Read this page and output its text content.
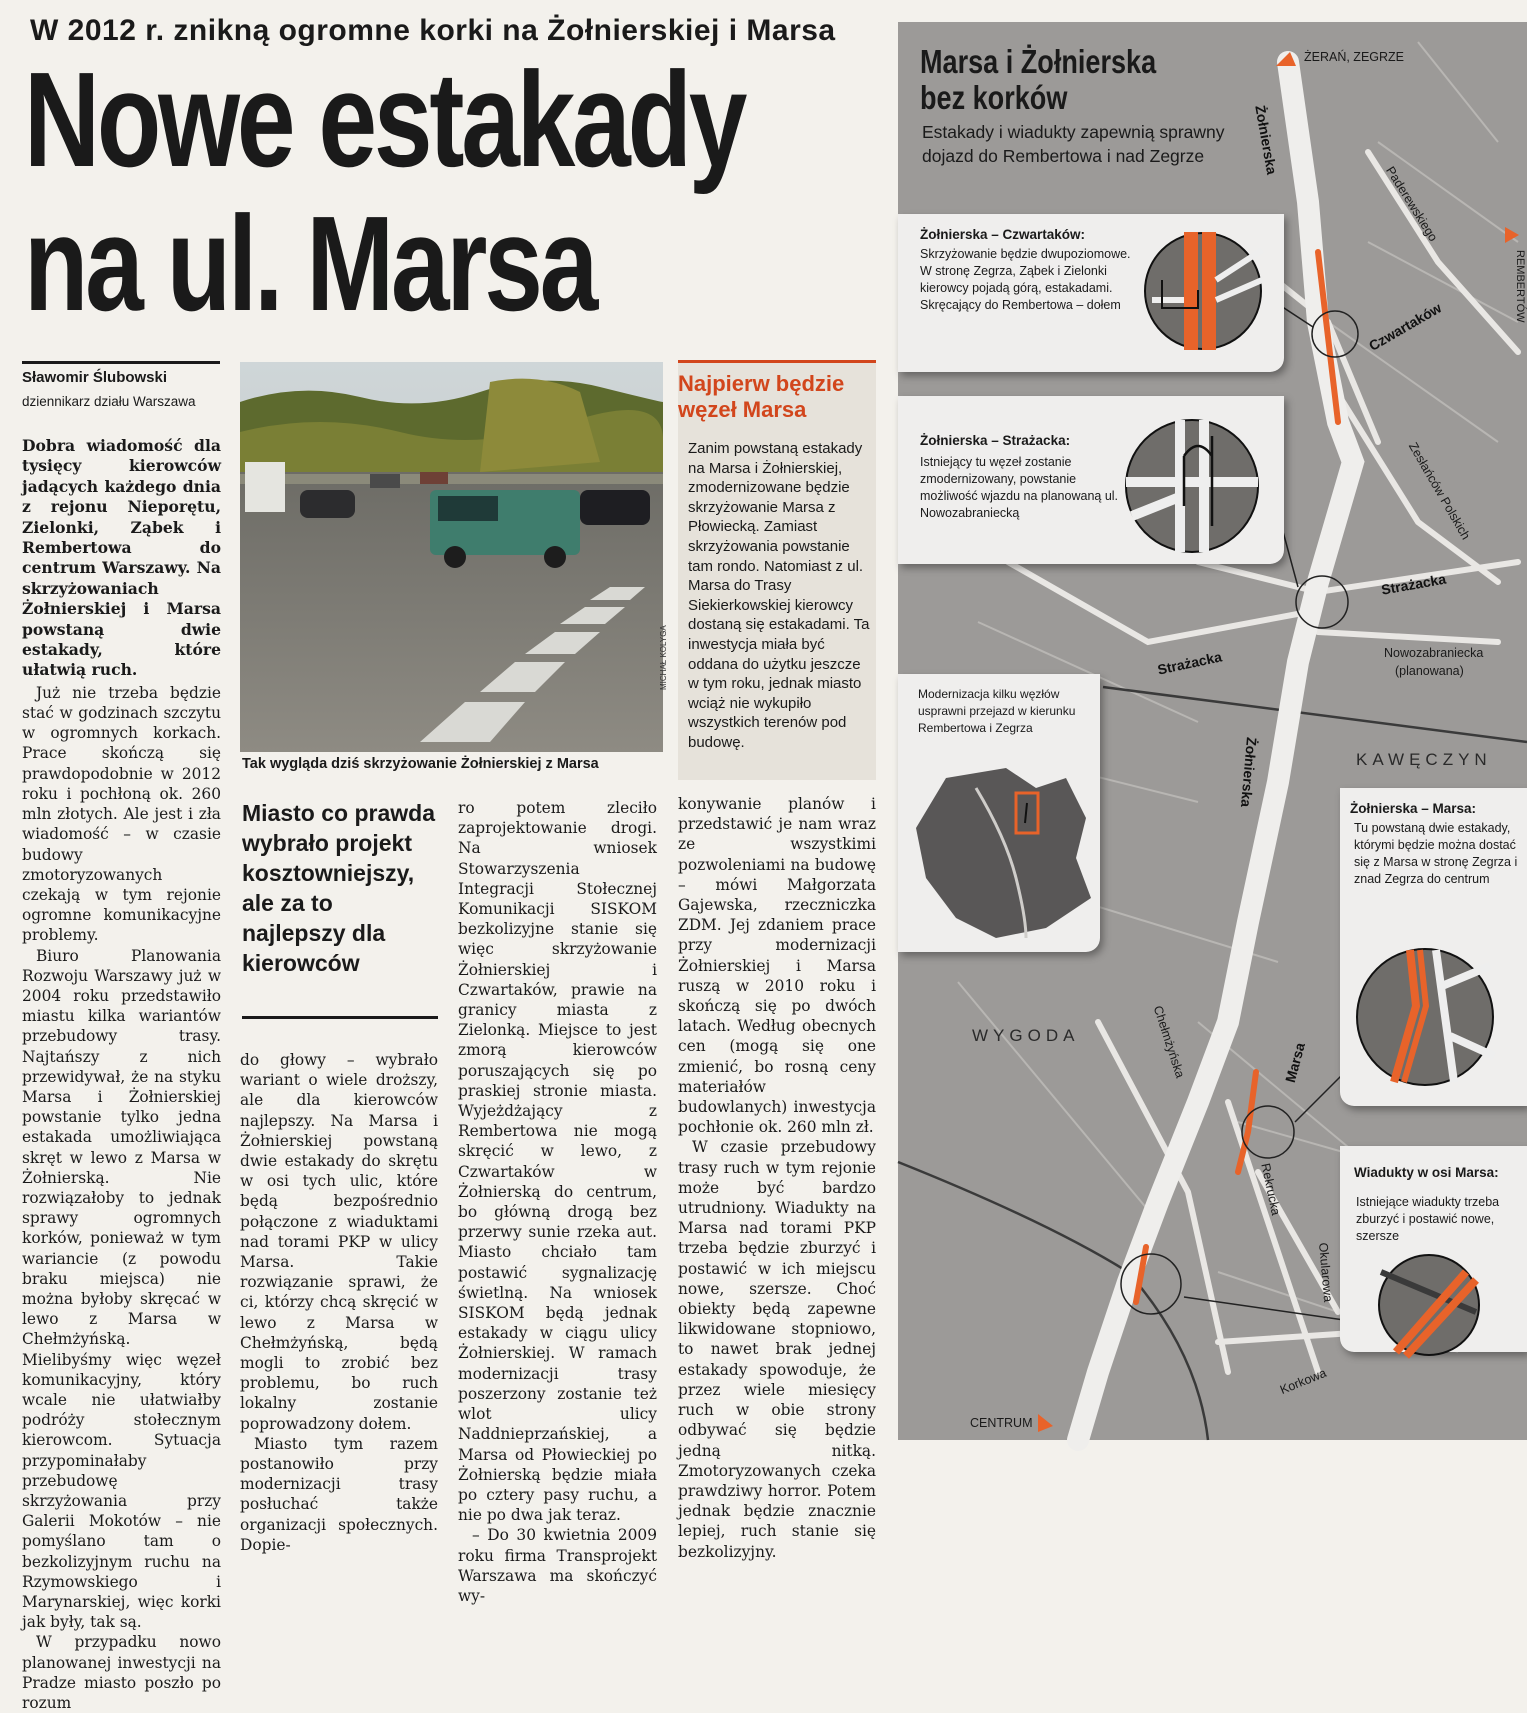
W 2012 r. znikną ogromne korki na Żołnierskiej i Marsa
Nowe estakady
na ul. Marsa
Sławomir Ślubowski
dziennikarz działu Warszawa
Dobra wiadomość dla tysięcy kierowców jadących każdego dnia z rejonu Nieporętu, Zielonki, Ząbek i Rembertowa do centrum Warszawy. Na skrzyżowaniach Żołnierskiej i Marsa powstaną dwie estakady, które ułatwią ruch.

Już nie trzeba będzie stać w godzinach szczytu w ogromnych korkach. Prace skończą się prawdopodobnie w 2012 roku i pochłoną ok. 260 mln złotych. Ale jest i zła wiadomość – w czasie budowy zmotoryzowanych czekają w tym rejonie ogromne komunikacyjne problemy.

Biuro Planowania Rozwoju Warszawy już w 2004 roku przedstawiło miastu kilka wariantów przebudowy trasy. Najtańszy z nich przewidywał, że na styku Marsa i Żołnierskiej powstanie tylko jedna estakada umożliwiająca skręt w lewo z Marsa w Żołnierską. Nie rozwiązałoby to jednak sprawy ogromnych korków, ponieważ w tym wariancie (z powodu braku miejsca) nie można byłoby skręcać w lewo z Marsa w Chełmżyńską. Mielibyśmy więc węzeł komunikacyjny, który wcale nie ułatwiałby podróży stołecznym kierowcom. Sytuacja przypominałaby przebudowę skrzyżowania przy Galerii Mokotów – nie pomyślano tam o bezkolizyjnym ruchu na Rzymowskiego i Marynarskiej, więc korki jak były, tak są.

W przypadku nowo planowanej inwestycji na Pradze miasto poszło po rozum

MICHAŁ KOLYGA
Tak wygląda dziś skrzyżowanie Żołnierskiej z Marsa
Miasto co prawda wybrało projekt kosztowniejszy, ale za to najlepszy dla kierowców

do głowy – wybrało wariant o wiele droższy, ale dla kierowców najlepszy. Na Marsa i Żołnierskiej powstaną dwie estakady do skrętu w osi tych ulic, które będą bezpośrednio połączone z wiaduktami nad torami PKP w ulicy Marsa. Takie rozwiązanie sprawi, że ci, którzy chcą skręcić w lewo z Marsa w Chełmżyńską, będą mogli to zrobić bez problemu, bo ruch lokalny zostanie poprowadzony dołem.

Miasto tym razem postanowiło przy modernizacji trasy posłuchać także organizacji społecznych. Dopie-

ro potem zleciło zaprojektowanie drogi. Na wniosek Stowarzyszenia Integracji Stołecznej Komunikacji SISKOM bezkolizyjne stanie się więc skrzyżowanie Żołnierskiej i Czwartaków, prawie na granicy miasta z Zielonką. Miejsce to jest zmorą kierowców poruszających się po praskiej stronie miasta. Wyjeżdżający z Rembertowa nie mogą skręcić w lewo, z Czwartaków w Żołnierską do centrum, bo główną drogą bez przerwy sunie rzeka aut. Miasto chciało tam postawić sygnalizację świetlną. Na wniosek SISKOM będą jednak estakady w ciągu ulicy Żołnierskiej. W ramach modernizacji trasy poszerzony zostanie też wlot ulicy Naddnieprzańskiej, a Marsa od Płowieckiej po Żołnierską będzie miała po cztery pasy ruchu, a nie po dwa jak teraz.

– Do 30 kwietnia 2009 roku firma Transprojekt Warszawa ma skończyć wy-

Najpierw będzie węzeł Marsa
Zanim powstaną estakady na Marsa i Żołnierskiej, zmodernizowane będzie skrzyżowanie Marsa z Płowiecką. Zamiast skrzyżowania powstanie tam rondo. Natomiast z ul. Marsa do Trasy Siekierkowskiej kierowcy dostaną się estakadami. Ta inwestycja miała być oddana do użytku jeszcze w tym roku, jednak miasto wciąż nie wykupiło wszystkich terenów pod budowę.

konywanie planów i przedstawić je nam wraz ze wszystkimi pozwoleniami na budowę – mówi Małgorzata Gajewska, rzeczniczka ZDM. Jej zdaniem prace przy modernizacji Żołnierskiej i Marsa ruszą w 2010 roku i skończą się po dwóch latach. Według obecnych cen (mogą się one zmienić, bo rosną ceny materiałów budowlanych) inwestycja pochłonie ok. 260 mln zł.

W czasie przebudowy trasy ruch w tym rejonie może być bardzo utrudniony. Wiadukty na Marsa nad torami PKP trzeba będzie zburzyć i postawić w ich miejscu nowe, szersze. Choć obiekty będą zapewne likwidowane stopniowo, to nawet brak jednej estakady spowoduje, że przez wiele miesięcy ruch w obie strony odbywać się będzie jedną nitką. Zmotoryzowanych czeka prawdziwy horror. Potem jednak będzie znacznie lepiej, ruch stanie się bezkolizyjny.

Marsa i Żołnierska
bez korków
Estakady i wiadukty zapewnią sprawny dojazd do Rembertowa i nad Zegrze
ŻERAŃ, ZEGRZE
REMBERTÓW
CENTRUM
Żołnierska
Paderewskiego
Czwartaków
Zesłańców Polskich
Strażacka
Strażacka	Nowozabraniecka
(planowana)
Żołnierska
Chełmżyńska	Marsa
Rekrucka
Okularowa
Korkowa
KAWĘCZYN
WYGODA
Żołnierska – Czwartaków:
Skrzyżowanie będzie dwupoziomowe. W stronę Zegrza, Ząbek i Zielonki kierowcy pojadą górą, estakadami. Skręcający do Rembertowa – dołem
Żołnierska – Strażacka:
Istniejący tu węzeł zostanie zmodernizowany, powstanie możliwość wjazdu na planowaną ul. Nowozabraniecką
Modernizacja kilku węzłów usprawni przejazd w kierunku Rembertowa i Zegrza
Żołnierska – Marsa:
Tu powstaną dwie estakady, którymi będzie można dostać się z Marsa w stronę Zegrza i znad Zegrza do centrum
Wiadukty w osi Marsa:
Istniejące wiadukty trzeba zburzyć i postawić nowe, szersze
